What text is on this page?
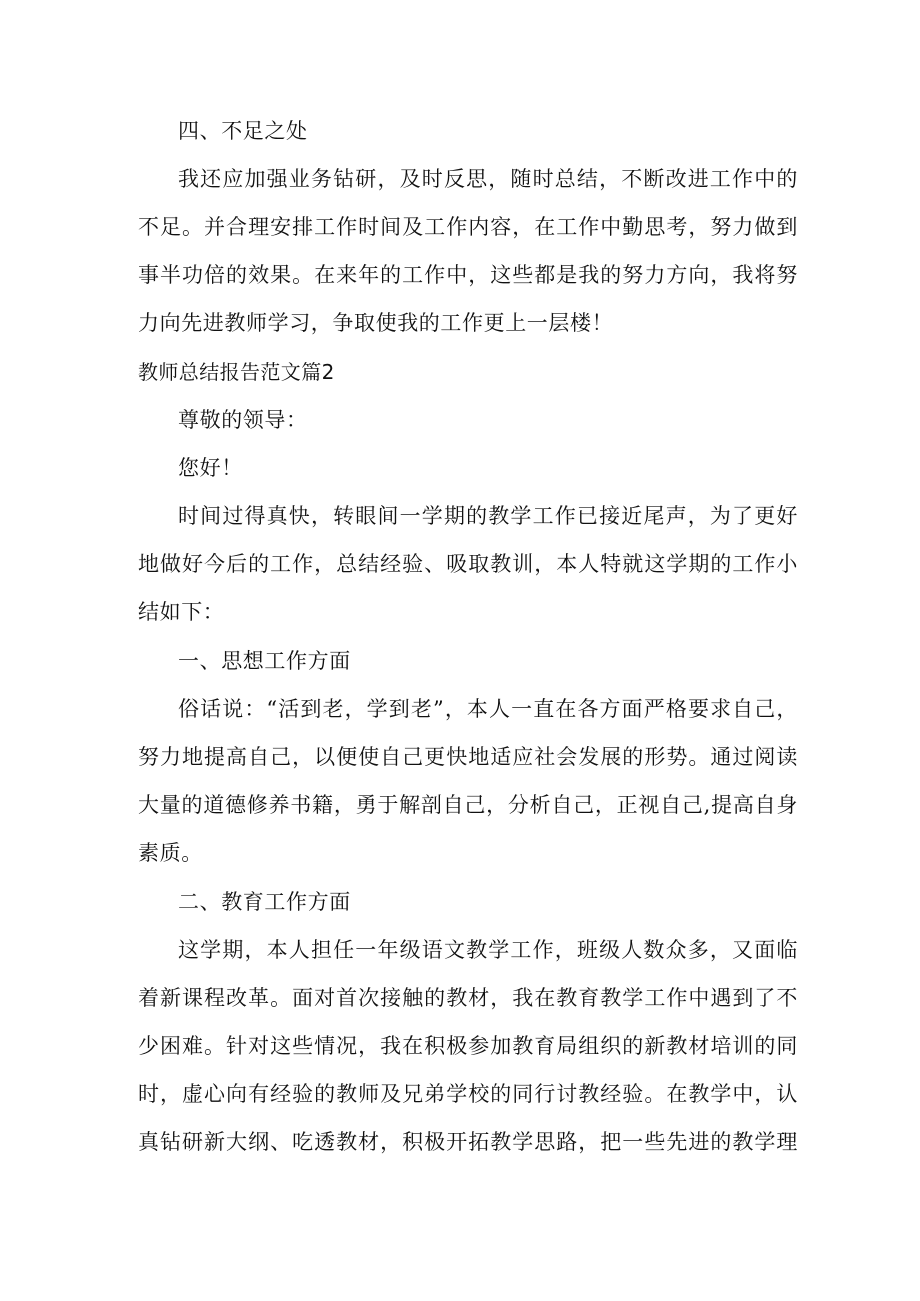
四、不足之处
我还应加强业务钻研，及时反思，随时总结，不断改进工作中的
不足。并合理安排工作时间及工作内容，在工作中勤思考，努力做到
事半功倍的效果。在来年的工作中，这些都是我的努力方向，我将努
力向先进教师学习，争取使我的工作更上一层楼！
教师总结报告范文篇2
尊敬的领导：
您好！
时间过得真快，转眼间一学期的教学工作已接近尾声，为了更好
地做好今后的工作，总结经验、吸取教训，本人特就这学期的工作小
结如下：
一、思想工作方面
俗话说：“活到老，学到老”，本人一直在各方面严格要求自己，
努力地提高自己，以便使自己更快地适应社会发展的形势。通过阅读
大量的道德修养书籍，勇于解剖自己，分析自己，正视自己,提高自身
素质。
二、教育工作方面
这学期，本人担任一年级语文教学工作，班级人数众多，又面临
着新课程改革。面对首次接触的教材，我在教育教学工作中遇到了不
少困难。针对这些情况，我在积极参加教育局组织的新教材培训的同
时，虚心向有经验的教师及兄弟学校的同行讨教经验。在教学中，认
真钻研新大纲、吃透教材，积极开拓教学思路，把一些先进的教学理
